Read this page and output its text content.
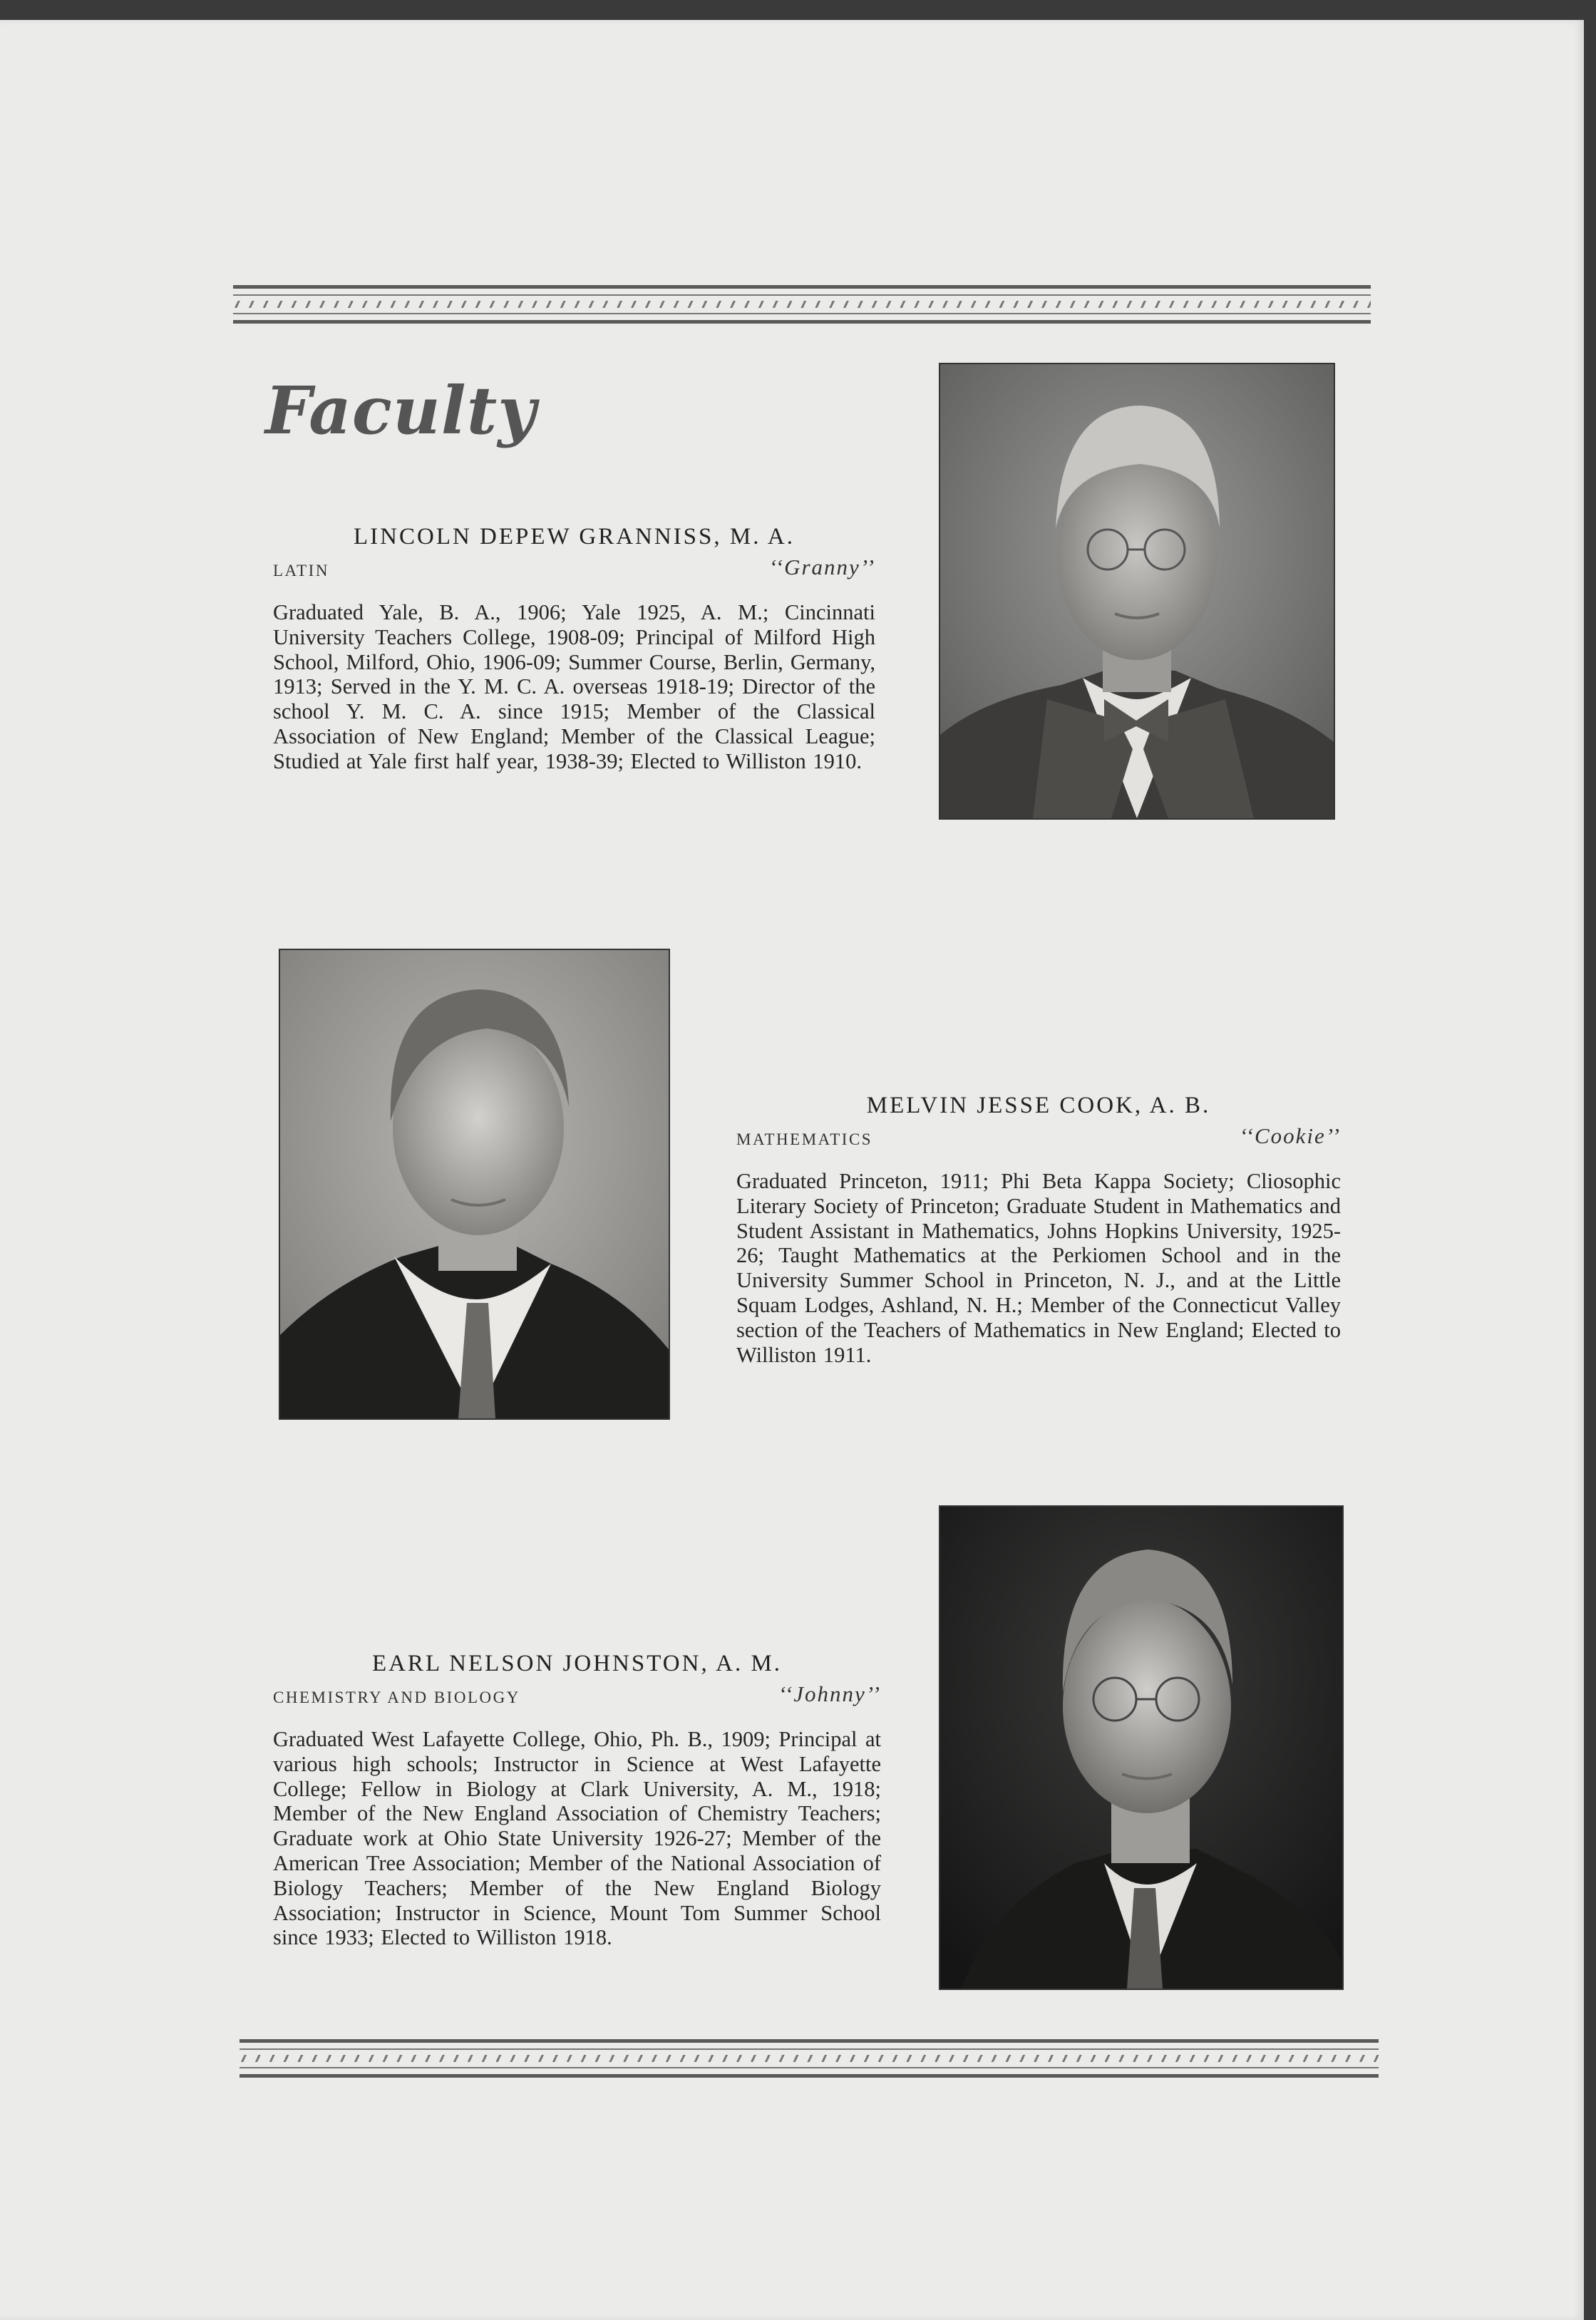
Faculty
LINCOLN DEPEW GRANNISS, M. A.
LATIN	‘‘Granny’’
Graduated Yale, B. A., 1906; Yale 1925, A. M.; Cincinnati University Teachers College, 1908-09; Principal of Milford High School, Milford, Ohio, 1906-09; Summer Course, Berlin, Germany, 1913; Served in the Y. M. C. A. overseas 1918-19; Director of the school Y. M. C. A. since 1915; Member of the Classical Association of New England; Member of the Classical League; Studied at Yale first half year, 1938-39; Elected to Williston 1910.
MELVIN JESSE COOK, A. B.
MATHEMATICS	‘‘Cookie’’
Graduated Princeton, 1911; Phi Beta Kappa Society; Cliosophic Literary Society of Princeton; Graduate Student in Mathematics and Student Assistant in Mathematics, Johns Hopkins University, 1925-26; Taught Mathematics at the Perkiomen School and in the University Summer School in Princeton, N. J., and at the Little Squam Lodges, Ashland, N. H.; Member of the Connecticut Valley section of the Teachers of Mathematics in New England; Elected to Williston 1911.
EARL NELSON JOHNSTON, A. M.
CHEMISTRY AND BIOLOGY	‘‘Johnny’’
Graduated West Lafayette College, Ohio, Ph. B., 1909; Principal at various high schools; Instructor in Science at West Lafayette College; Fellow in Biology at Clark University, A. M., 1918; Member of the New England Association of Chemistry Teachers; Graduate work at Ohio State University 1926-27; Member of the American Tree Association; Member of the National Association of Biology Teachers; Member of the New England Biology Association; Instructor in Science, Mount Tom Summer School since 1933; Elected to Williston 1918.
